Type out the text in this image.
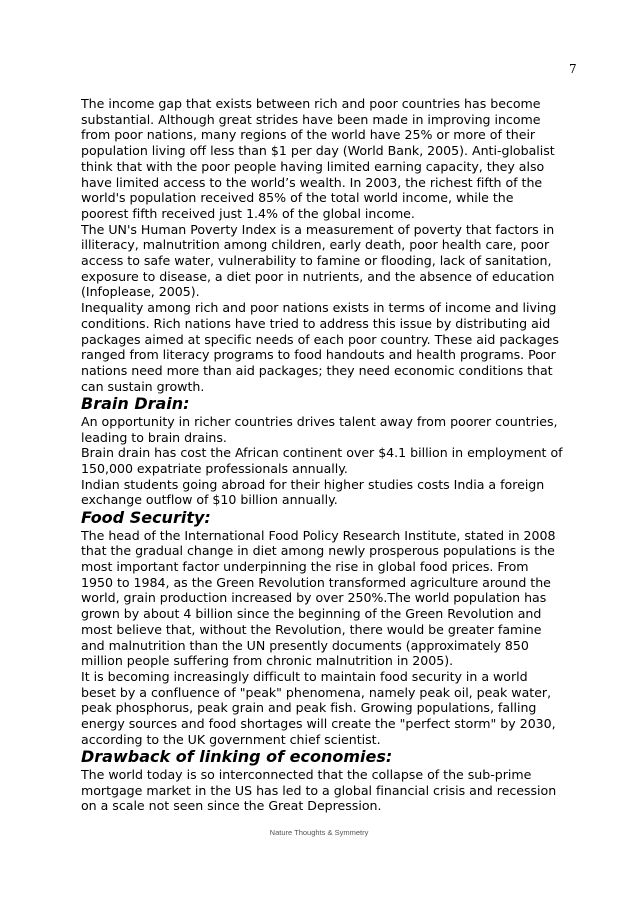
7
The income gap that exists between rich and poor countries has become
substantial. Although great strides have been made in improving income
from poor nations, many regions of the world have 25% or more of their
population living off less than $1 per day (World Bank, 2005). Anti-globalist
think that with the poor people having limited earning capacity, they also
have limited access to the world’s wealth. In 2003, the richest fifth of the
world's population received 85% of the total world income, while the
poorest fifth received just 1.4% of the global income.
The UN's Human Poverty Index is a measurement of poverty that factors in
illiteracy, malnutrition among children, early death, poor health care, poor
access to safe water, vulnerability to famine or flooding, lack of sanitation,
exposure to disease, a diet poor in nutrients, and the absence of education
(Infoplease, 2005).
Inequality among rich and poor nations exists in terms of income and living
conditions. Rich nations have tried to address this issue by distributing aid
packages aimed at specific needs of each poor country. These aid packages
ranged from literacy programs to food handouts and health programs. Poor
nations need more than aid packages; they need economic conditions that
can sustain growth.
Brain Drain:
An opportunity in richer countries drives talent away from poorer countries,
leading to brain drains.
Brain drain has cost the African continent over $4.1 billion in employment of
150,000 expatriate professionals annually.
Indian students going abroad for their higher studies costs India a foreign
exchange outflow of $10 billion annually.
Food Security:
The head of the International Food Policy Research Institute, stated in 2008
that the gradual change in diet among newly prosperous populations is the
most important factor underpinning the rise in global food prices. From
1950 to 1984, as the Green Revolution transformed agriculture around the
world, grain production increased by over 250%.The world population has
grown by about 4 billion since the beginning of the Green Revolution and
most believe that, without the Revolution, there would be greater famine
and malnutrition than the UN presently documents (approximately 850
million people suffering from chronic malnutrition in 2005).
It is becoming increasingly difficult to maintain food security in a world
beset by a confluence of "peak" phenomena, namely peak oil, peak water,
peak phosphorus, peak grain and peak fish. Growing populations, falling
energy sources and food shortages will create the "perfect storm" by 2030,
according to the UK government chief scientist.
Drawback of linking of economies:
The world today is so interconnected that the collapse of the sub-prime
mortgage market in the US has led to a global financial crisis and recession
on a scale not seen since the Great Depression.
Nature Thoughts & Symmetry
